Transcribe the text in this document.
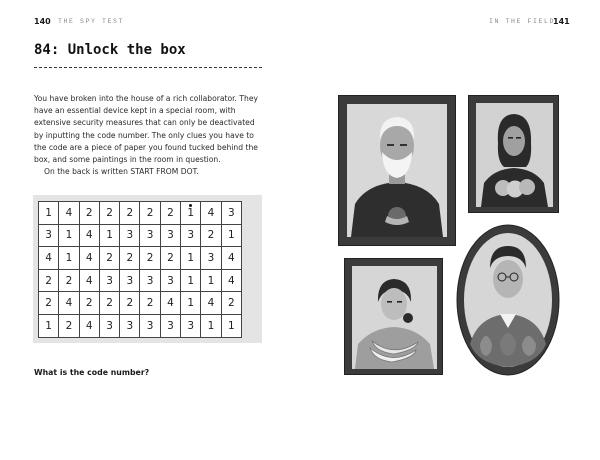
140 THE SPY TEST	IN THE FIELD
141
84: Unlock the box

You have broken into the house of a rich collaborator. They have an essential device kept in a special room, with extensive security measures that can only be deactivated by inputting the code number. The only clues you have to the code are a piece of paper you found tucked behind the box, and some paintings in the room in question.

On the back is written START FROM DOT.

1	4	2	2	2	2	2	1	4	3
3	1	4	1	3	3	3	3	2	1
4	1	4	2	2	2	2	1	3	4
2	2	4	3	3	3	3	1	1	4
2	4	2	2	2	2	4	1	4	2
1	2	4	3	3	3	3	3	1	1
What is the code number?
